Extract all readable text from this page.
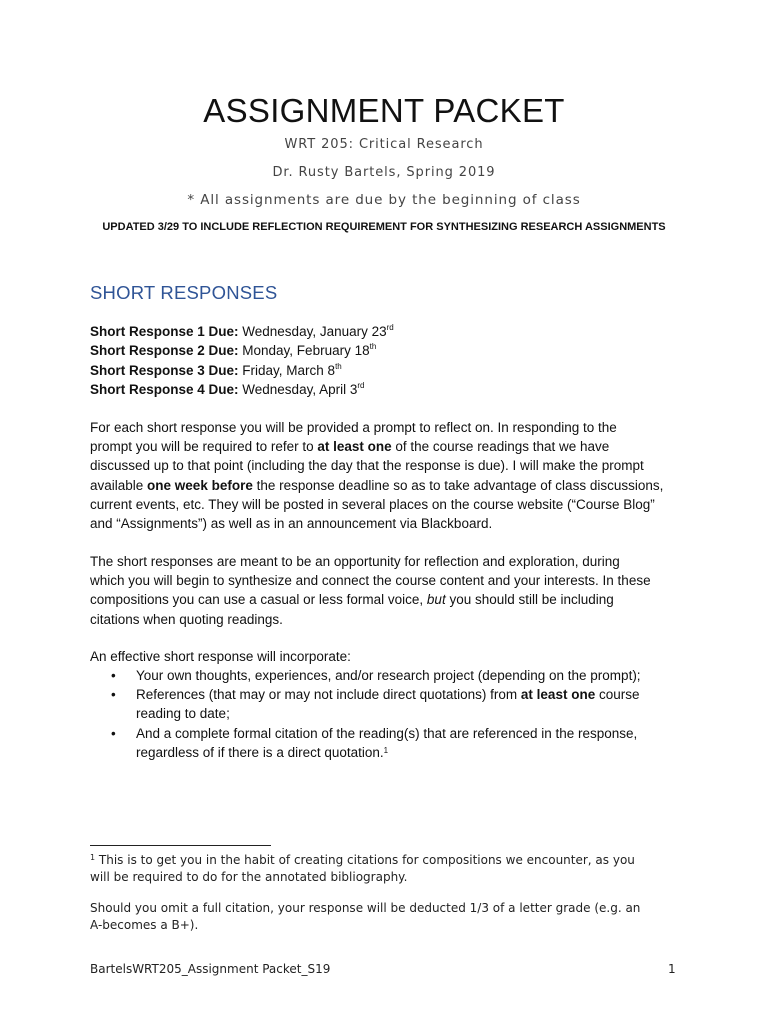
ASSIGNMENT PACKET
WRT 205: Critical Research
Dr. Rusty Bartels, Spring 2019
* All assignments are due by the beginning of class
UPDATED 3/29 TO INCLUDE REFLECTION REQUIREMENT FOR SYNTHESIZING RESEARCH ASSIGNMENTS
SHORT RESPONSES
Short Response 1 Due: Wednesday, January 23rd
Short Response 2 Due: Monday, February 18th
Short Response 3 Due: Friday, March 8th
Short Response 4 Due: Wednesday, April 3rd
For each short response you will be provided a prompt to reflect on. In responding to the
prompt you will be required to refer to at least one of the course readings that we have
discussed up to that point (including the day that the response is due). I will make the prompt
available one week before the response deadline so as to take advantage of class discussions,
current events, etc. They will be posted in several places on the course website (“Course Blog”
and “Assignments”) as well as in an announcement via Blackboard.
The short responses are meant to be an opportunity for reflection and exploration, during
which you will begin to synthesize and connect the course content and your interests. In these
compositions you can use a casual or less formal voice, but you should still be including
citations when quoting readings.
An effective short response will incorporate:
• Your own thoughts, experiences, and/or research project (depending on the prompt);
• References (that may or may not include direct quotations) from at least one course
reading to date;
• And a complete formal citation of the reading(s) that are referenced in the response,
regardless of if there is a direct quotation.$^1$
$^1$ This is to get you in the habit of creating citations for compositions we encounter, as you
will be required to do for the annotated bibliography.
Should you omit a full citation, your response will be deducted 1/3 of a letter grade (e.g. an
A-becomes a B+).
BartelsWRT205_Assignment Packet_S19	1
